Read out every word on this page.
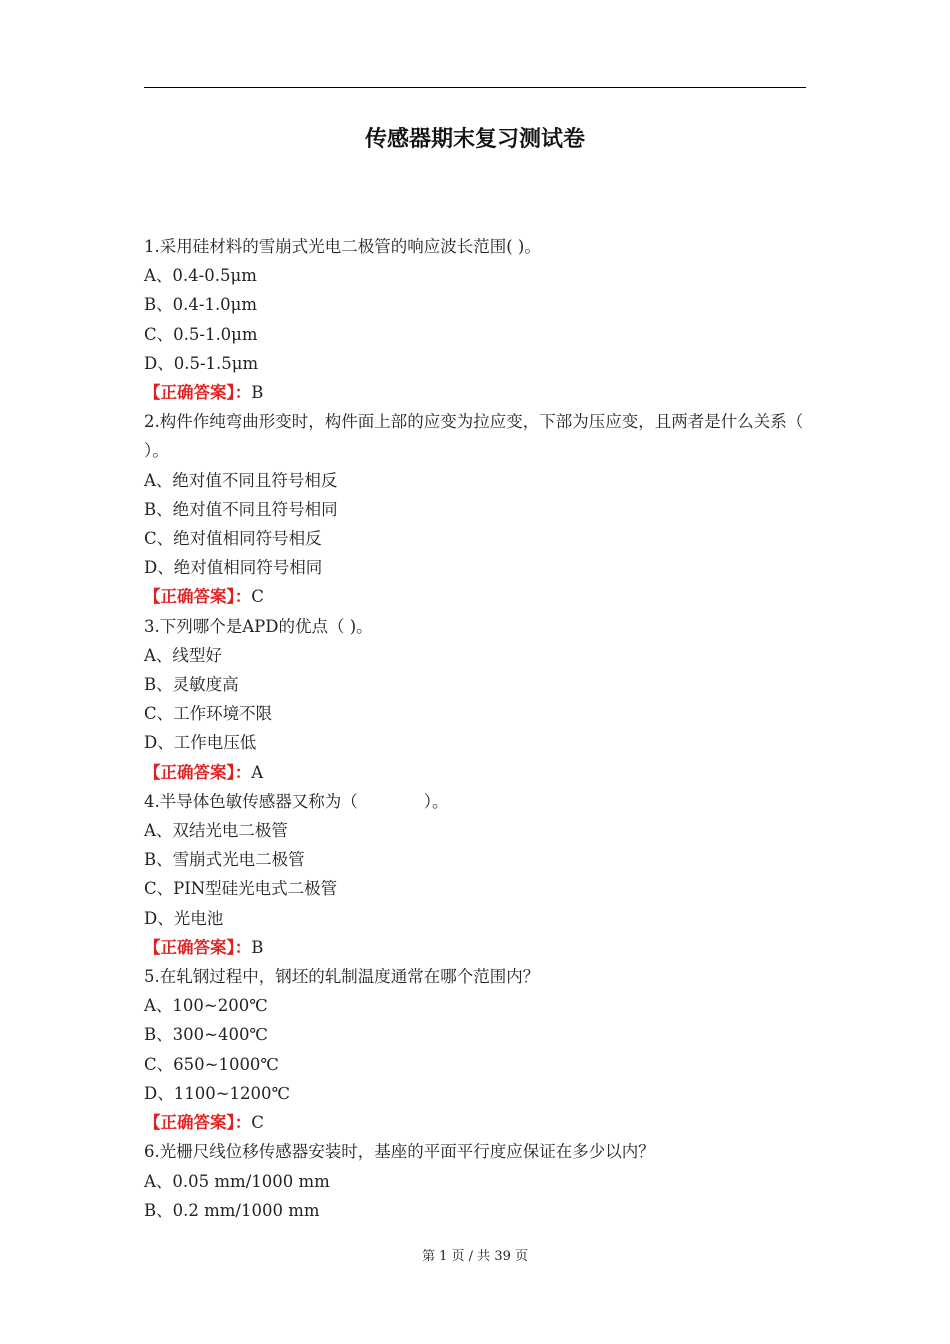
传感器期末复习测试卷

1.采用硅材料的雪崩式光电二极管的响应波长范围( )。

A、0.4-0.5μm

B、0.4-1.0μm

C、0.5-1.0μm

D、0.5-1.5μm

【正确答案】：B

2.构件作纯弯曲形变时，构件面上部的应变为拉应变，下部为压应变，且两者是什么关系（ ）。

A、绝对值不同且符号相反

B、绝对值不同且符号相同

C、绝对值相同符号相反

D、绝对值相同符号相同

【正确答案】：C

3.下列哪个是APD的优点（ )。

A、线型好

B、灵敏度高

C、工作环境不限

D、工作电压低

【正确答案】：A

4.半导体色敏传感器又称为（　　　　）。

A、双结光电二极管

B、雪崩式光电二极管

C、PIN型硅光电式二极管

D、光电池

【正确答案】：B

5.在轧钢过程中，钢坯的轧制温度通常在哪个范围内？

A、100~200℃

B、300~400℃

C、650~1000℃

D、1100~1200℃

【正确答案】：C

6.光栅尺线位移传感器安装时，基座的平面平行度应保证在多少以内？

A、0.05 mm/1000 mm

B、0.2 mm/1000 mm

第 1 页 / 共 39 页
